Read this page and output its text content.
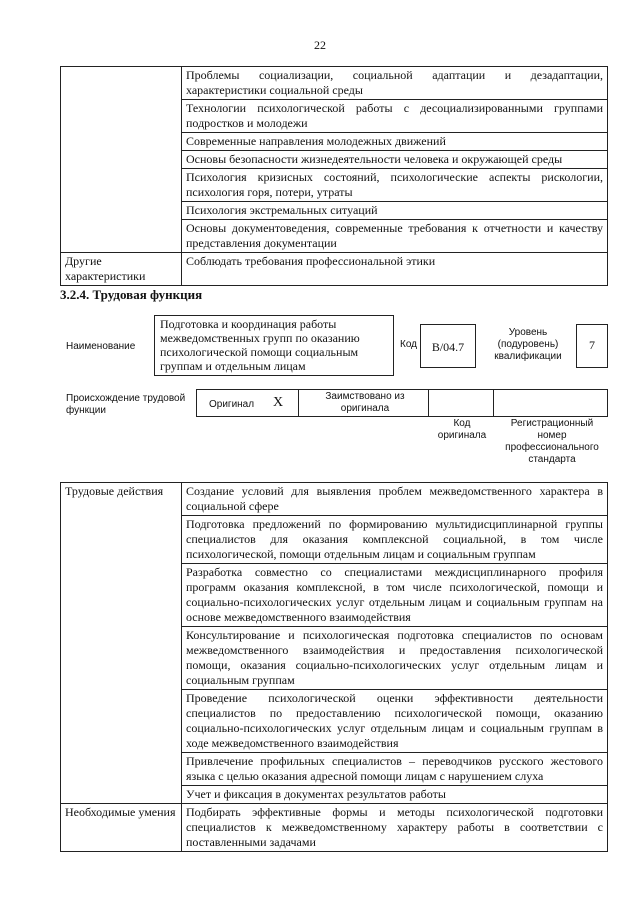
22
	Проблемы социализации, социальной адаптации и дезадаптации, характеристики социальной среды
	Технологии психологической работы с десоциализированными группами подростков и молодежи
	Современные направления молодежных движений
	Основы безопасности жизнедеятельности человека и окружающей среды
	Психология кризисных состояний, психологические аспекты рискологии, психология горя, потери, утраты
	Психология экстремальных ситуаций
	Основы документоведения, современные требования к отчетности и качеству представления документации
Другие характеристики	Соблюдать требования профессиональной этики
3.2.4. Трудовая функция
Наименование
Подготовка и координация работы межведомственных групп по оказанию психологической помощи социальным группам и отдельным лицам
Код	B/04.7
Уровень (подуровень) квалификации
7
Происхождение трудовой функции
Оригинал X	Заимствовано из оригинала
Код оригинала
Регистрационный номер профессионального стандарта
Трудовые действия	Создание условий для выявления проблем межведомственного характера в социальной сфере
	Подготовка предложений по формированию мультидисциплинарной группы специалистов для оказания комплексной социальной, в том числе психологической, помощи отдельным лицам и социальным группам
	Разработка совместно со специалистами междисциплинарного профиля программ оказания комплексной, в том числе психологической, помощи и социально-психологических услуг отдельным лицам и социальным группам на основе межведомственного взаимодействия
	Консультирование и психологическая подготовка специалистов по основам межведомственного взаимодействия и предоставления психологической помощи, оказания социально-психологических услуг отдельным лицам и социальным группам
	Проведение психологической оценки эффективности деятельности специалистов по предоставлению психологической помощи, оказанию социально-психологических услуг отдельным лицам и социальным группам в ходе межведомственного взаимодействия
	Привлечение профильных специалистов – переводчиков русского жестового языка с целью оказания адресной помощи лицам с нарушением слуха
	Учет и фиксация в документах результатов работы
Необходимые умения	Подбирать эффективные формы и методы психологической подготовки специалистов к межведомственному характеру работы в соответствии с поставленными задачами
